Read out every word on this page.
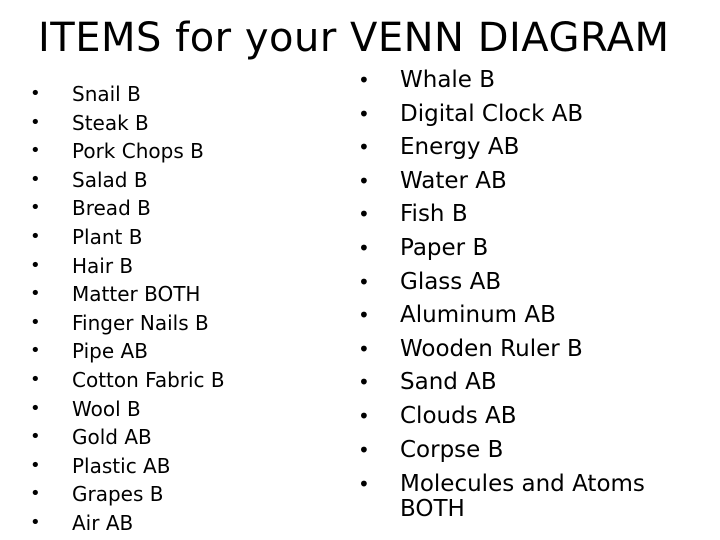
ITEMS for your VENN DIAGRAM
• Snail B
• Steak B
• Pork Chops B
• Salad B
• Bread B
• Plant B
• Hair B
• Matter BOTH
• Finger Nails B
• Pipe AB
• Cotton Fabric B
• Wool B
• Gold AB
• Plastic AB
• Grapes B
• Air AB
• Whale B
• Digital Clock AB
• Energy AB
• Water AB
• Fish B
• Paper B
• Glass AB
• Aluminum AB
• Wooden Ruler B
• Sand AB
• Clouds AB
• Corpse B
• Molecules and Atoms BOTH
